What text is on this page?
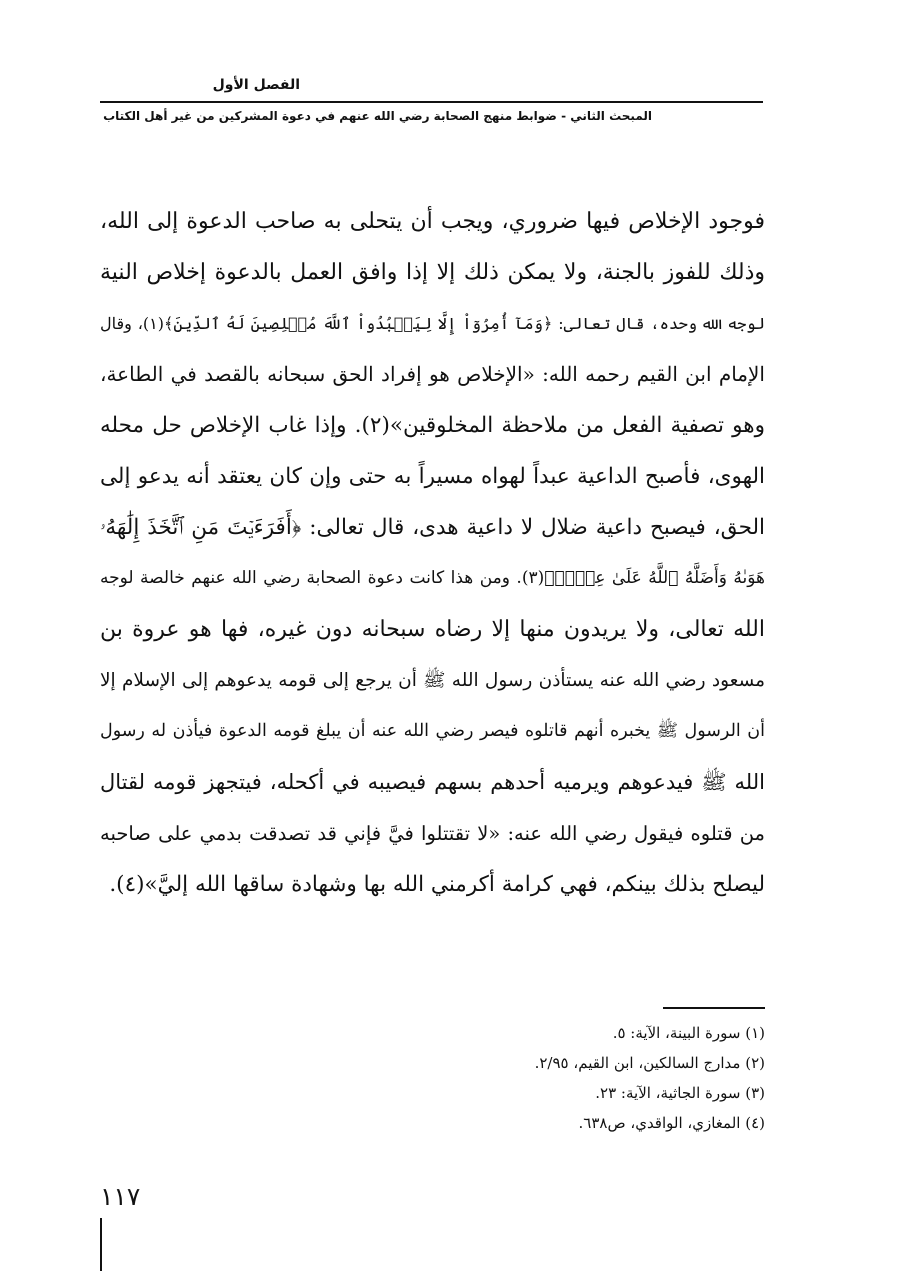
الفصل الأول
المبحث الثاني - ضوابط منهج الصحابة رضي الله عنهم في دعوة المشركين من غير أهل الكتاب
فوجود الإخلاص فيها ضروري، ويجب أن يتحلى به صاحب الدعوة إلى الله،
وذلك للفوز بالجنة، ولا يمكن ذلك إلا إذا وافق العمل بالدعوة إخلاص النية
لوجه الله وحده، قال تعالى: ﴿وَمَآ أُمِرُوٓاْ إِلَّا لِيَعۡبُدُواْ ٱللَّهَ مُخۡلِصِينَ لَهُ ٱلدِّينَ﴾(١)، وقال
الإمام ابن القيم رحمه الله: «الإخلاص هو إفراد الحق سبحانه بالقصد في الطاعة،
وهو تصفية الفعل من ملاحظة المخلوقين»(٢). وإذا غاب الإخلاص حل محله
الهوى، فأصبح الداعية عبداً لهواه مسيراً به حتى وإن كان يعتقد أنه يدعو إلى
الحق، فيصبح داعية ضلال لا داعية هدى، قال تعالى: ﴿أَفَرَءَيۡتَ مَنِ ٱتَّخَذَ إِلَٰهَهُۥ
هَوَىٰهُ وَأَضَلَّهُ ٱللَّهُ عَلَىٰ عِلۡمٖ﴾(٣). ومن هذا كانت دعوة الصحابة رضي الله عنهم خالصة لوجه
الله تعالى، ولا يريدون منها إلا رضاه سبحانه دون غيره، فها هو عروة بن
مسعود رضي الله عنه يستأذن رسول الله ﷺ أن يرجع إلى قومه يدعوهم إلى الإسلام إلا
أن الرسول ﷺ يخبره أنهم قاتلوه فيصر رضي الله عنه أن يبلغ قومه الدعوة فيأذن له رسول
الله ﷺ فيدعوهم ويرميه أحدهم بسهم فيصيبه في أكحله، فيتجهز قومه لقتال
من قتلوه فيقول رضي الله عنه: «لا تقتتلوا فيَّ فإني قد تصدقت بدمي على صاحبه
ليصلح بذلك بينكم، فهي كرامة أكرمني الله بها وشهادة ساقها الله إليَّ»(٤).
(١) سورة البينة، الآية: ٥.
(٢) مدارج السالكين، ابن القيم، ٢/٩٥.
(٣) سورة الجاثية، الآية: ٢٣.
(٤) المغازي، الواقدي، ص٦٣٨.
١١٧
